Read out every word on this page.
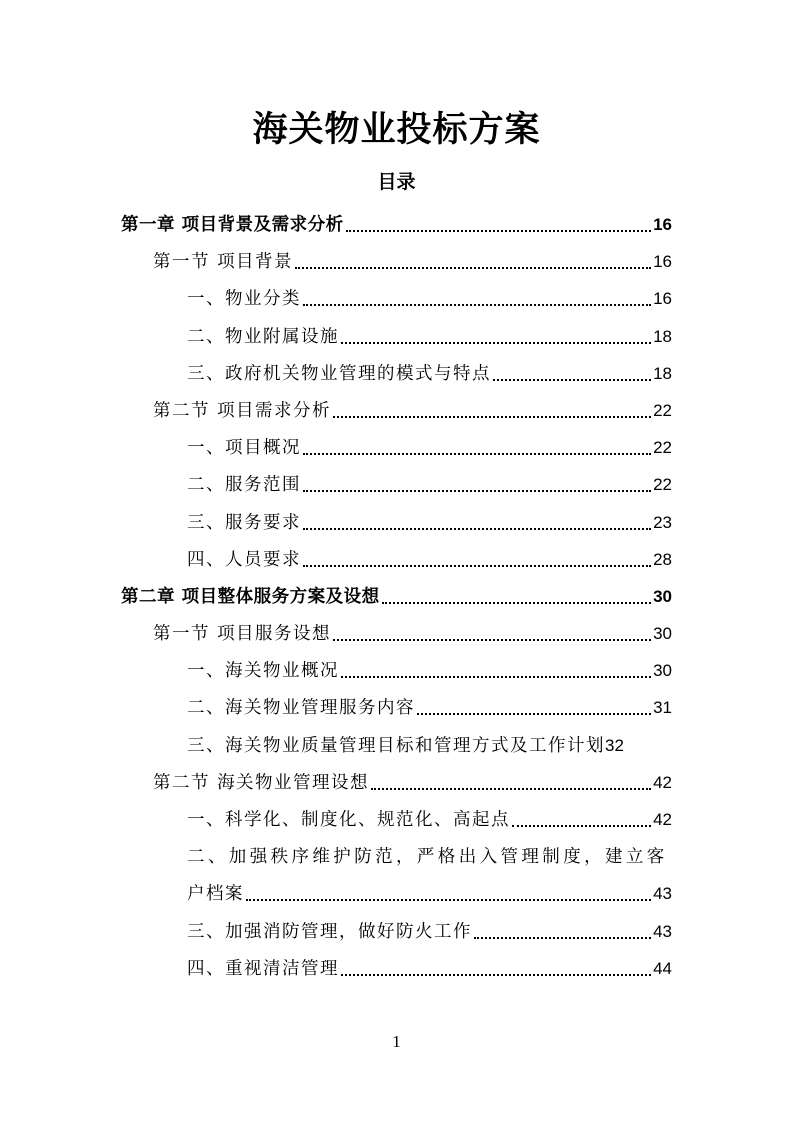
海关物业投标方案
目录
第一章 项目背景及需求分析	16
第一节 项目背景	16
一、物业分类	16
二、物业附属设施	18
三、政府机关物业管理的模式与特点	18
第二节 项目需求分析	22
一、项目概况	22
二、服务范围	22
三、服务要求	23
四、人员要求	28
第二章 项目整体服务方案及设想	30
第一节 项目服务设想	30
一、海关物业概况	30
二、海关物业管理服务内容	31
三、海关物业质量管理目标和管理方式及工作计划 32
第二节 海关物业管理设想	42
一、科学化、制度化、规范化、高起点	42
二、加强秩序维护防范，严格出入管理制度，建立客
户档案	43
三、加强消防管理，做好防火工作	43
四、重视清洁管理	44
1
